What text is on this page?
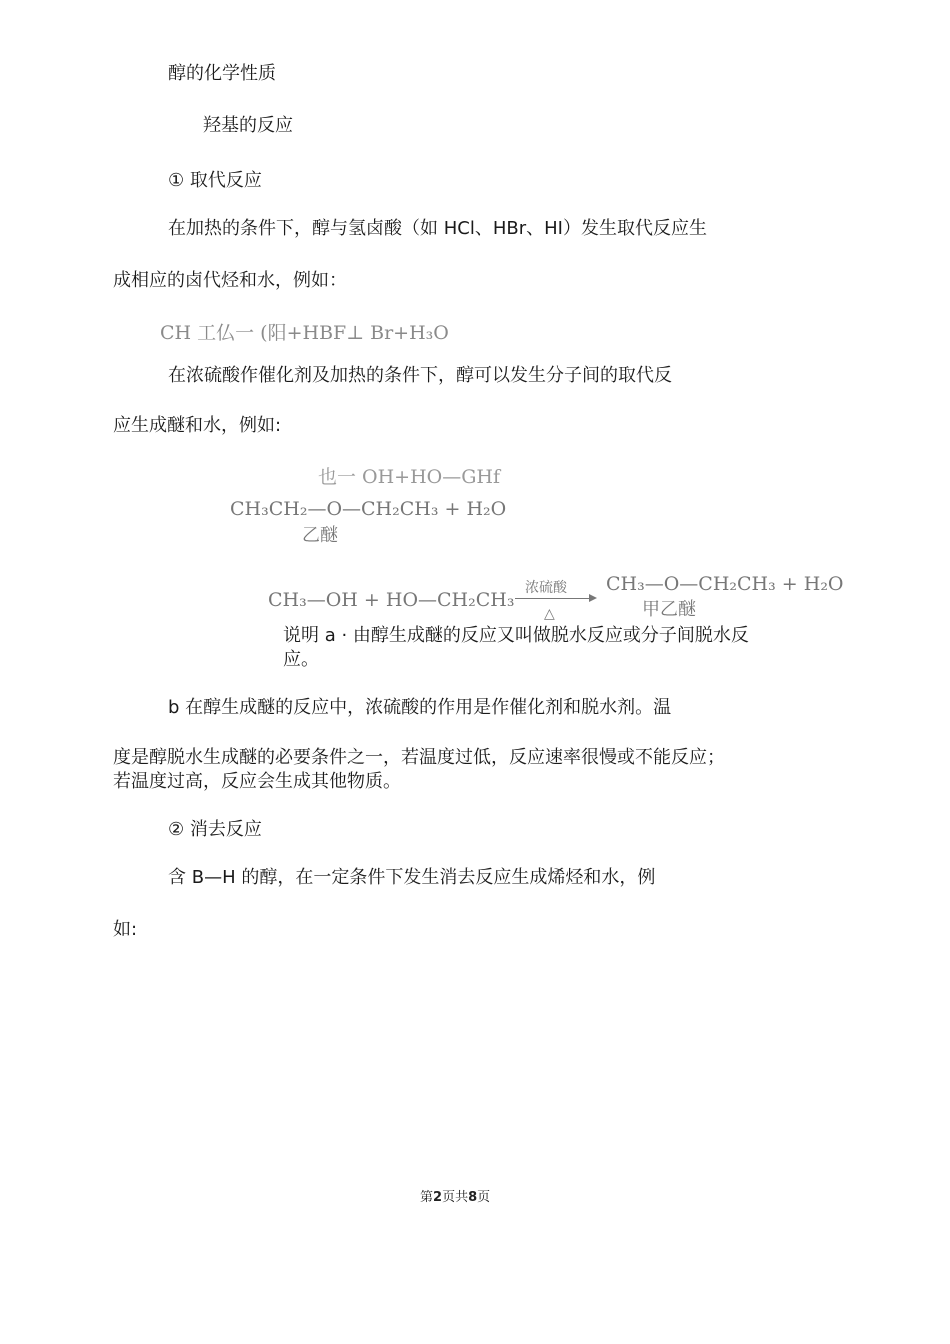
醇的化学性质
羟基的反应
① 取代反应
在加热的条件下，醇与氢卤酸（如 HCl、HBr、HI）发生取代反应生
成相应的卤代烃和水，例如：
CH 工仏一 (阳+HBF⊥ Br+H₃O
在浓硫酸作催化剂及加热的条件下，醇可以发生分子间的取代反
应生成醚和水，例如:
也一 OH+HO—GHf
CH₃CH₂—O—CH₂CH₃ + H₂O
乙醚
CH₃—OH + HO—CH₂CH₃
浓硫酸
△
CH₃—O—CH₂CH₃ + H₂O
甲乙醚
说明 a · 由醇生成醚的反应又叫做脱水反应或分子间脱水反
应。
b 在醇生成醚的反应中，浓硫酸的作用是作催化剂和脱水剂。温
度是醇脱水生成醚的必要条件之一，若温度过低，反应速率很慢或不能反应；
若温度过高，反应会生成其他物质。
② 消去反应
含 B—H 的醇，在一定条件下发生消去反应生成烯烃和水，例
如:
第2页共8页
